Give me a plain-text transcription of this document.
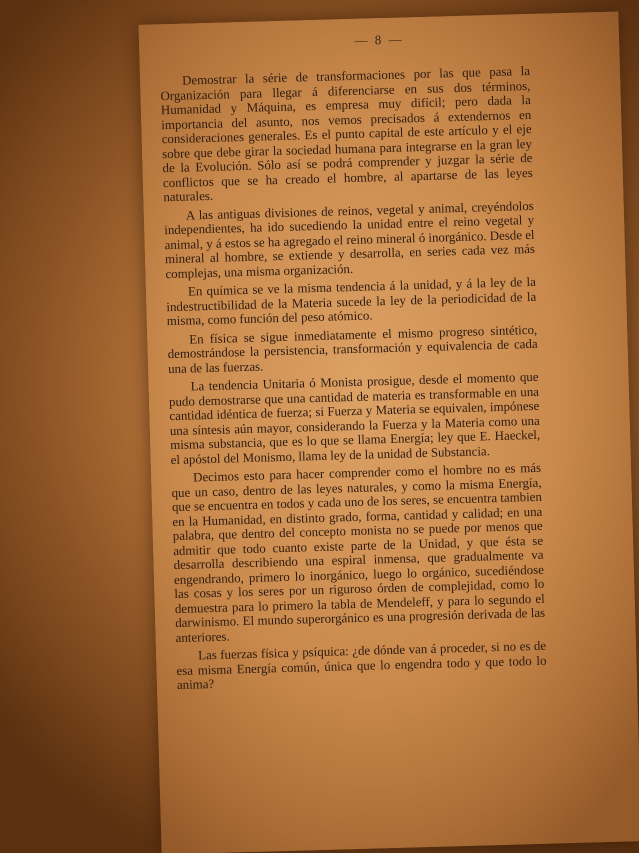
— 8 —

Demostrar la série de transformaciones por las que pasa la Organización para llegar á diferenciarse en sus dos términos, Humanidad y Máquina, es empresa muy difícil; pero dada la importancia del asunto, nos vemos precisados á extendernos en consideraciones generales. Es el punto capital de este artículo y el eje sobre que debe girar la sociedad humana para integrarse en la gran ley de la Evolución. Sólo así se podrá comprender y juzgar la série de conflictos que se ha creado el hombre, al apartarse de las leyes naturales.

A las antiguas divisiones de reinos, vegetal y animal, creyéndolos independientes, ha ido sucediendo la unidad entre el reino vegetal y animal, y á estos se ha agregado el reino mineral ó inorgánico. Desde el mineral al hombre, se extiende y desarrolla, en series cada vez más complejas, una misma organización.

En química se ve la misma tendencia á la unidad, y á la ley de la indestructibilidad de la Materia sucede la ley de la periodicidad de la misma, como función del peso atómico.

En física se sigue inmediatamente el mismo progreso sintético, demostrándose la persistencia, transformación y equivalencia de cada una de las fuerzas.

La tendencia Unitaria ó Monista prosigue, desde el momento que pudo demostrarse que una cantidad de materia es transformable en una cantidad idéntica de fuerza; si Fuerza y Materia se equivalen, impónese una síntesis aún mayor, considerando la Fuerza y la Materia como una misma substancia, que es lo que se llama Energía; ley que E. Haeckel, el apóstol del Monismo, llama ley de la unidad de Substancia.

Decimos esto para hacer comprender como el hombre no es más que un caso, dentro de las leyes naturales, y como la misma Energía, que se encuentra en todos y cada uno de los seres, se encuentra tambien en la Humanidad, en distinto grado, forma, cantidad y calidad; en una palabra, que dentro del concepto monista no se puede por menos que admitir que todo cuanto existe parte de la Unidad, y que ésta se desarrolla describiendo una espiral inmensa, que gradualmente va engendrando, primero lo inorgánico, luego lo orgánico, sucediéndose las cosas y los seres por un riguroso órden de complejidad, como lo demuestra para lo primero la tabla de Mendeleff, y para lo segundo el darwinismo. El mundo superorgánico es una progresión derivada de las anteriores.

Las fuerzas física y psíquica: ¿de dónde van á proceder, si no es de esa misma Energía común, única que lo engendra todo y que todo lo anima?
